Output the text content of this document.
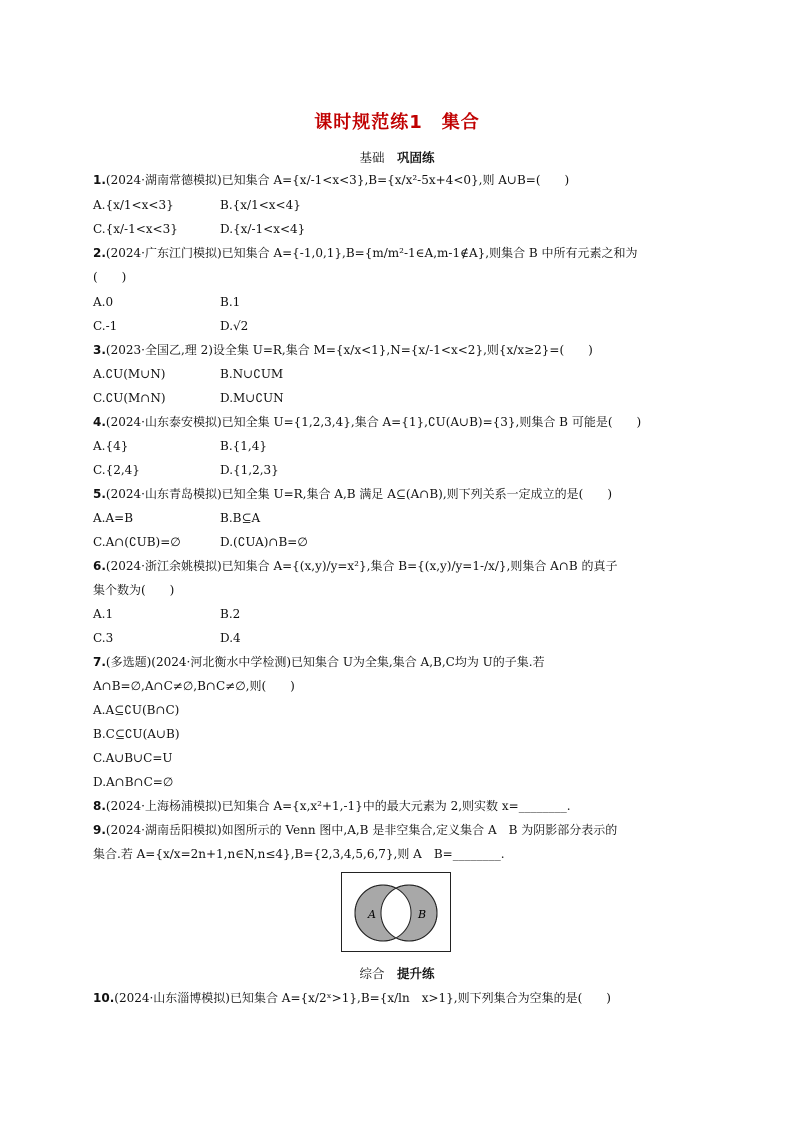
课时规范练1　集合
基础　 巩固练
1.(2024·湖南常德模拟)已知集合 A={x/-1<x<3},B={x/x²-5x+4<0},则 A∪B=(　　)
A.{x/1<x<3}	B.{x/1<x<4}
C.{x/-1<x<3}	D.{x/-1<x<4}
2.(2024·广东江门模拟)已知集合 A={-1,0,1},B={m/m²-1∈A,m-1∉A},则集合 B 中所有元素之和为
(　　)
A.0	B.1
C.-1	D.√2
3.(2023·全国乙,理 2)设全集 U=R,集合 M={x/x<1},N={x/-1<x<2},则{x/x≥2}=(　　)
A.∁U(M∪N)	B.N∪∁UM
C.∁U(M∩N)	D.M∪∁UN
4.(2024·山东泰安模拟)已知全集 U={1,2,3,4},集合 A={1},∁U(A∪B)={3},则集合 B 可能是(　　)
A.{4}	B.{1,4}
C.{2,4}	D.{1,2,3}
5.(2024·山东青岛模拟)已知全集 U=R,集合 A,B 满足 A⊆(A∩B),则下列关系一定成立的是(　　)
A.A=B	B.B⊆A
C.A∩(∁UB)=∅	D.(∁UA)∩B=∅
6.(2024·浙江余姚模拟)已知集合 A={(x,y)/y=x²},集合 B={(x,y)/y=1-/x/},则集合 A∩B 的真子
集个数为(　　)
A.1	B.2
C.3	D.4
7.(多选题)(2024·河北衡水中学检测)已知集合 U为全集,集合 A,B,C均为 U的子集.若
A∩B=∅,A∩C≠∅,B∩C≠∅,则(　　)
A.A⊆∁U(B∩C)
B.C⊆∁U(A∪B)
C.A∪B∪C=U
D.A∩B∩C=∅
8.(2024·上海杨浦模拟)已知集合 A={x,x²+1,-1}中的最大元素为 2,则实数 x=________.
9.(2024·湖南岳阳模拟)如图所示的 Venn 图中,A,B 是非空集合,定义集合 A　B 为阴影部分表示的
集合.若 A={x/x=2n+1,n∈N,n≤4},B={2,3,4,5,6,7},则 A　B=________.
A	B
综合　 提升练
10.(2024·山东淄博模拟)已知集合 A={x/2ˣ>1},B={x/ln　x>1},则下列集合为空集的是(　　)
